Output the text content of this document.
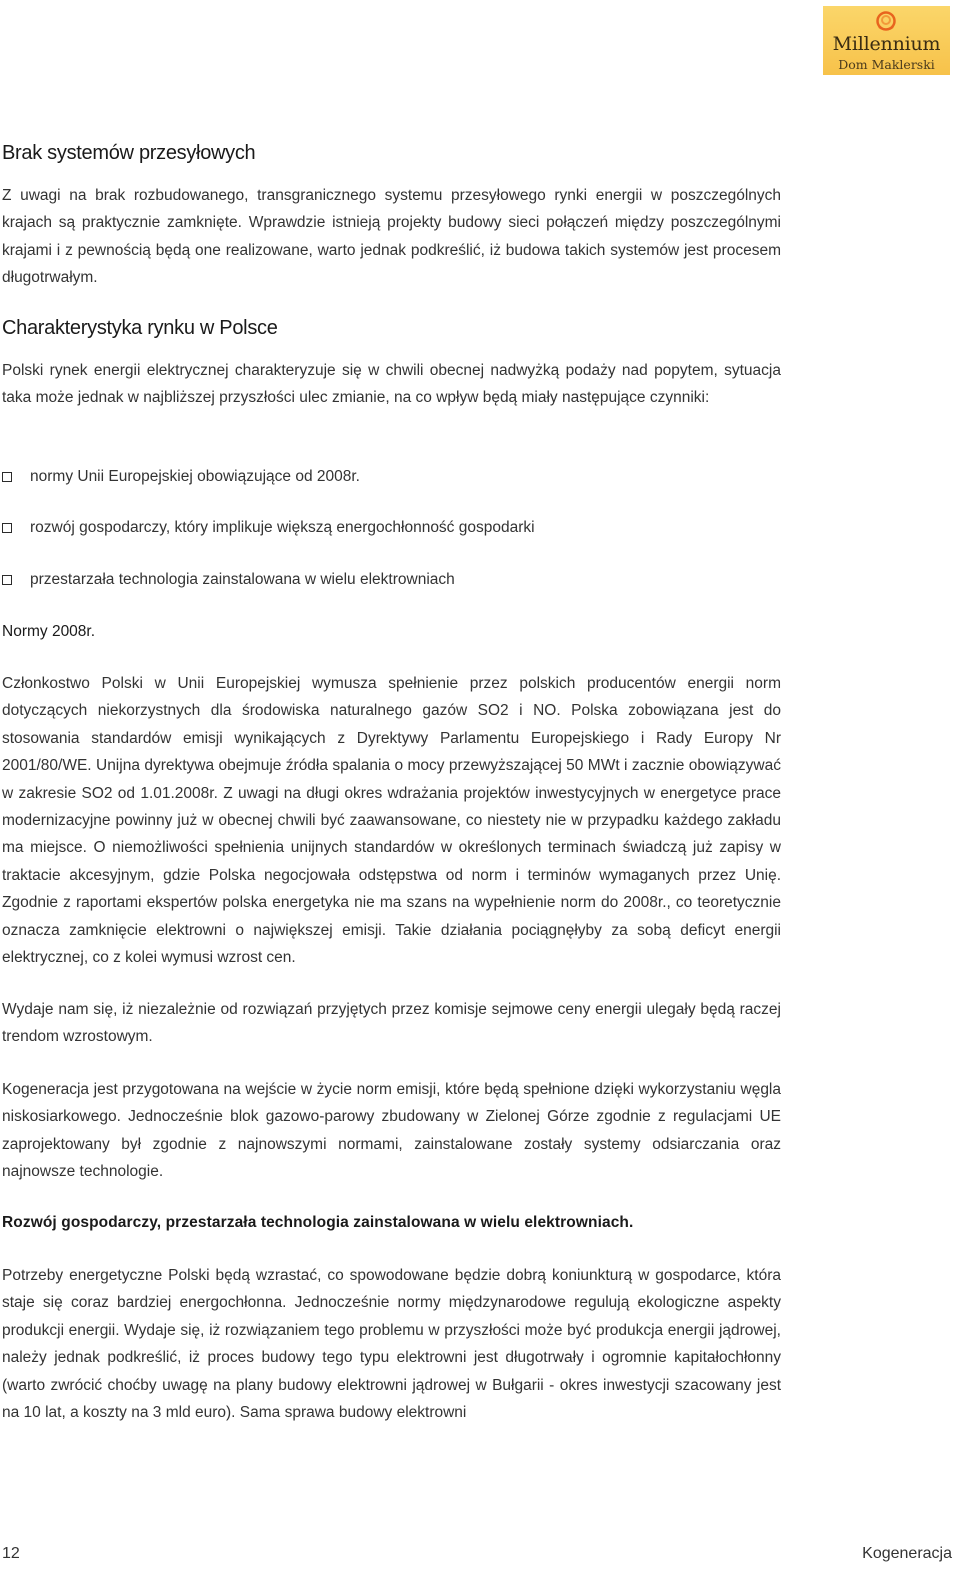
Millennium
Dom Maklerski
Brak systemów przesyłowych

Z uwagi na brak rozbudowanego, transgranicznego systemu przesyłowego rynki energii w poszczególnych krajach są praktycznie zamknięte. Wprawdzie istnieją projekty budowy sieci połączeń między poszczególnymi krajami i z pewnością będą one realizowane, warto jednak podkreślić, iż budowa takich systemów jest procesem długotrwałym.

Charakterystyka rynku w Polsce

Polski rynek energii elektrycznej charakteryzuje się w chwili obecnej nadwyżką podaży nad popytem, sytuacja taka może jednak w najbliższej przyszłości ulec zmianie, na co wpływ będą miały następujące czynniki:

normy Unii Europejskiej obowiązujące od 2008r.
rozwój gospodarczy, który implikuje większą energochłonność gospodarki
przestarzała technologia zainstalowana w wielu elektrowniach
Normy 2008r.

Członkostwo Polski w Unii Europejskiej wymusza spełnienie przez polskich producentów energii norm dotyczących niekorzystnych dla środowiska naturalnego gazów SO2 i NO. Polska zobowiązana jest do stosowania standardów emisji wynikających z Dyrektywy Parlamentu Europejskiego i Rady Europy Nr 2001/80/WE. Unijna dyrektywa obejmuje źródła spalania o mocy przewyższającej 50 MWt i zacznie obowiązywać w zakresie SO2 od 1.01.2008r. Z uwagi na długi okres wdrażania projektów inwestycyjnych w energetyce prace modernizacyjne powinny już w obecnej chwili być zaawansowane, co niestety nie w przypadku każdego zakładu ma miejsce. O niemożliwości spełnienia unijnych standardów w określonych terminach świadczą już zapisy w traktacie akcesyjnym, gdzie Polska negocjowała odstępstwa od norm i terminów wymaganych przez Unię. Zgodnie z raportami ekspertów polska energetyka nie ma szans na wypełnienie norm do 2008r., co teoretycznie oznacza zamknięcie elektrowni o największej emisji. Takie działania pociągnęłyby za sobą deficyt energii elektrycznej, co z kolei wymusi wzrost cen.

Wydaje nam się, iż niezależnie od rozwiązań przyjętych przez komisje sejmowe ceny energii ulegały będą raczej trendom wzrostowym.

Kogeneracja jest przygotowana na wejście w życie norm emisji, które będą spełnione dzięki wykorzystaniu węgla niskosiarkowego. Jednocześnie blok gazowo-parowy zbudowany w Zielonej Górze zgodnie z regulacjami UE zaprojektowany był zgodnie z najnowszymi normami, zainstalowane zostały systemy odsiarczania oraz najnowsze technologie.

Rozwój gospodarczy, przestarzała technologia zainstalowana w wielu elektrowniach.

Potrzeby energetyczne Polski będą wzrastać, co spowodowane będzie dobrą koniunkturą w gospodarce, która staje się coraz bardziej energochłonna. Jednocześnie normy międzynarodowe regulują ekologiczne aspekty produkcji energii. Wydaje się, iż rozwiązaniem tego problemu w przyszłości może być produkcja energii jądrowej, należy jednak podkreślić, iż proces budowy tego typu elektrowni jest długotrwały i ogromnie kapitałochłonny (warto zwrócić choćby uwagę na plany budowy elektrowni jądrowej w Bułgarii - okres inwestycji szacowany jest na 10 lat, a koszty na 3 mld euro). Sama sprawa budowy elektrowni

12	Kogeneracja
